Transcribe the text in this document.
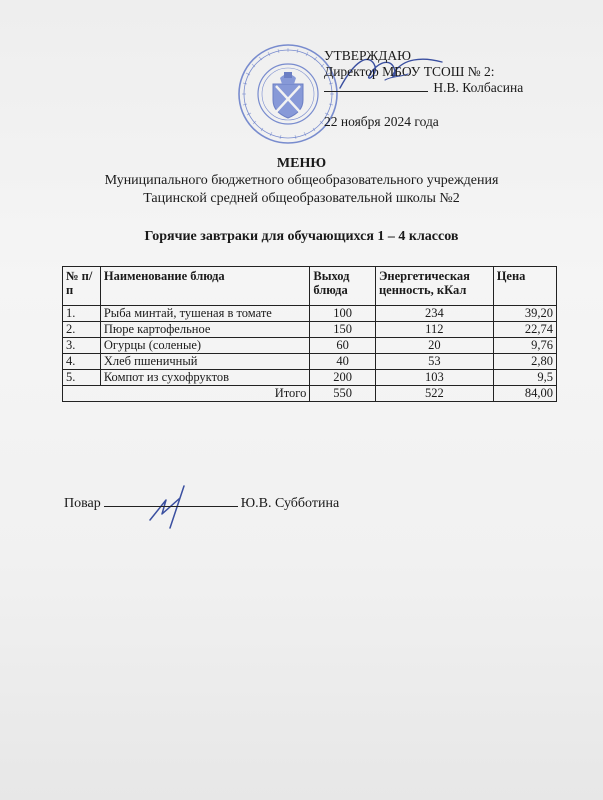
УТВЕРЖДАЮ
Директор МБОУ ТСОШ № 2:
Н.В. Колбасина
22 ноября 2024 года
МЕНЮ
Муниципального бюджетного общеобразовательного учреждения
Тацинской средней общеобразовательной школы №2
Горячие завтраки для обучающихся 1 – 4 классов
№ п/п	Наименование блюда	Выход блюда	Энергетическая ценность, кКал	Цена
1.	Рыба минтай, тушеная в томате	100	234	39,20
2.	Пюре картофельное	150	112	22,74
3.	Огурцы (соленые)	60	20	9,76
4.	Хлеб пшеничный	40	53	2,80
5.	Компот из сухофруктов	200	103	9,5
Итого		550	522	84,00
Повар	Ю.В. Субботина
